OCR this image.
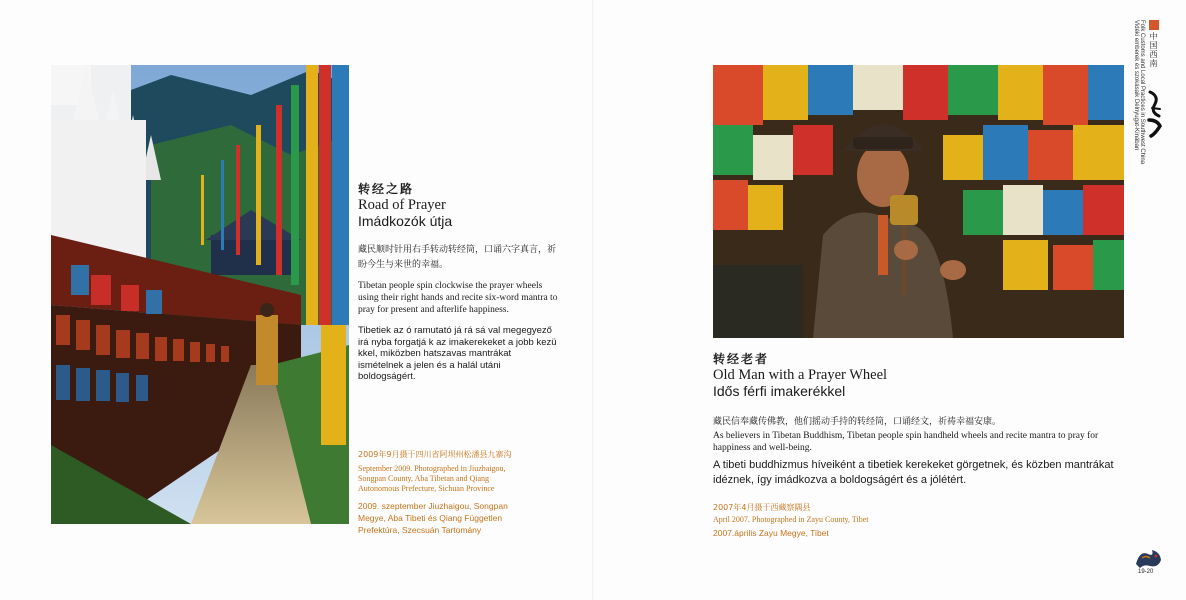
转经之路
Road of Prayer
Imádkozók útja
藏民顺时针用右手转动转经筒，口诵六字真言，祈盼今生与来世的幸福。
Tibetan people spin clockwise the prayer wheels using their right hands and recite six-word mantra to pray for present and afterlife happiness.
Tibetiek az ó ramutató já rá sá val megegyező irá nyba forgatjá k az imakerekeket a jobb kezü kkel, miközben hatszavas mantrákat ismételnek a jelen és a halál utáni boldogságért.
2009年9月摄于四川省阿坝州松潘县九寨沟
September 2009. Photographed in Jiuzhaigou, Songpan County, Aba Tibetan and Qiang Autonomous Prefecture, Sichuan Province
2009. szeptember Jiuzhaigou, Songpan Megye, Aba Tibeti és Qiang Független Prefektúra, Szecsuán Tartomány
转经老者
Old Man with a Prayer Wheel
Idős férfi imakerékkel
藏民信奉藏传佛教，他们摇动手持的转经筒，口诵经文，祈祷幸福安康。
As believers in Tibetan Buddhism, Tibetan people spin handheld wheels and recite mantra to pray for happiness and well-being.
A tibeti buddhizmus híveiként a tibetiek kerekeket görgetnek, és közben mantrákat idéznek, így imádkozva a boldogságért és a jólétért.
2007年4月摄于西藏察隅县
April 2007. Photographed in Zayu County, Tibet
2007.április Zayu Megye, Tibet
中国西南
Folk Customs and Local Practices in Southwest China
Vidéki emberek és szokásaik Délnyugat-Kínában
19-20
